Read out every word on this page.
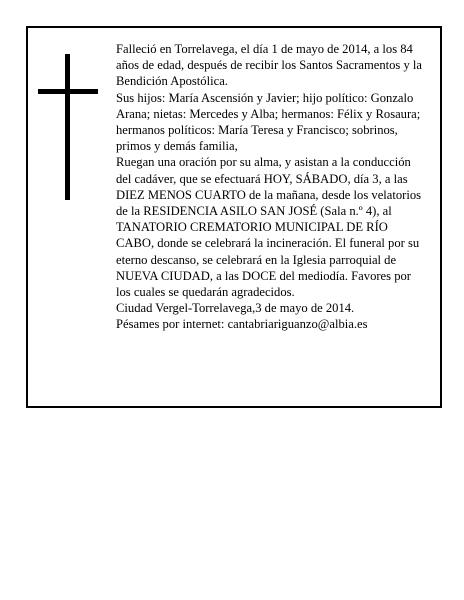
Falleció en Torrelavega, el día 1 de mayo de 2014, a los 84 años de edad, después de recibir los Santos Sacramentos y la Bendición Apostólica.

Sus hijos: María Ascensión y Javier; hijo político: Gonzalo Arana; nietas: Mercedes y Alba; hermanos: Félix y Rosaura; hermanos políticos: María Teresa y Francisco; sobrinos, primos y demás familia,

Ruegan una oración por su alma, y asistan a la conducción del cadáver, que se efectuará HOY, SÁBADO, día 3, a las DIEZ MENOS CUARTO de la mañana, desde los velatorios de la RESIDENCIA ASILO SAN JOSÉ (Sala n.º 4), al TANATORIO CREMATORIO MUNICIPAL DE RÍO CABO, donde se celebrará la incineración. El funeral por su eterno descanso, se celebrará en la Iglesia parroquial de NUEVA CIUDAD, a las DOCE del mediodía. Favores por los cuales se quedarán agradecidos.

Ciudad Vergel-Torrelavega,3 de mayo de 2014.

Pésames por internet: cantabriariguanzo@albia.es
